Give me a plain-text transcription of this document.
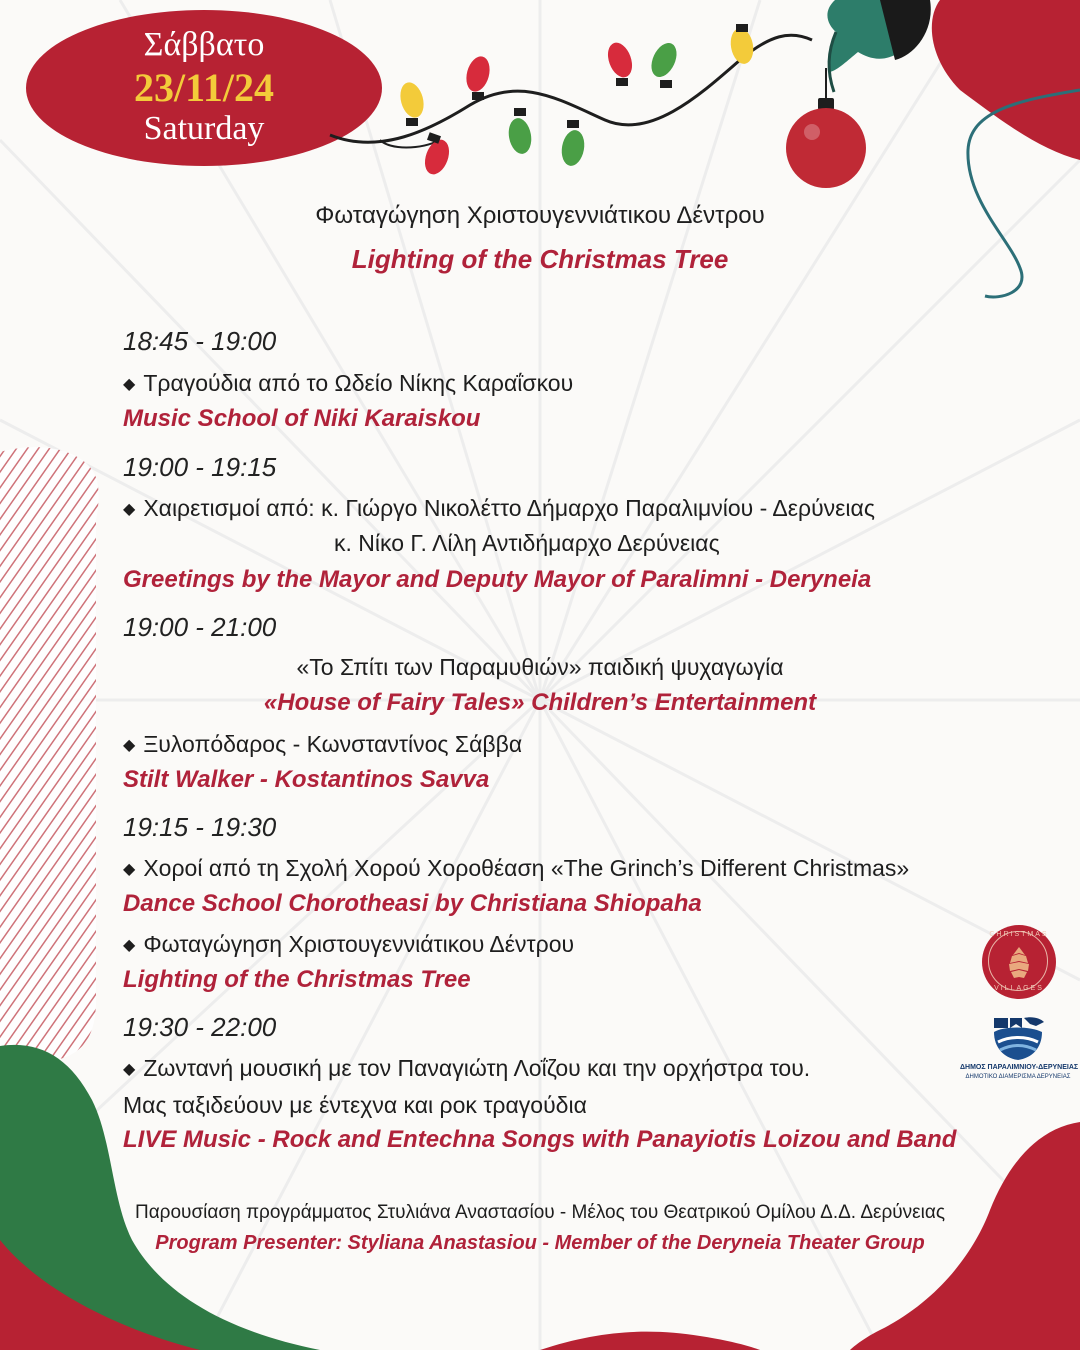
Σάββατο
23/11/24
Saturday
Φωταγώγηση Χριστουγεννιάτικου Δέντρου
Lighting of the Christmas Tree
18:45 - 19:00
◆ Τραγούδια από το Ωδείο Νίκης Καραΐσκου
Music School of Niki Karaiskou
19:00 - 19:15
◆ Χαιρετισμοί από: κ. Γιώργο Νικολέττο Δήμαρχο Παραλιμνίου - Δερύνειας
κ. Νίκο Γ. Λίλη Αντιδήμαρχο Δερύνειας
Greetings by the Mayor and Deputy Mayor of Paralimni - Deryneia
19:00 - 21:00
«Το Σπίτι των Παραμυθιών» παιδική ψυχαγωγία
«House of Fairy Tales» Children’s Entertainment
◆ Ξυλοπόδαρος - Κωνσταντίνος Σάββα
Stilt Walker - Kostantinos Savva
19:15 - 19:30
◆ Χοροί από τη Σχολή Χορού Χοροθέαση «The Grinch’s Different Christmas»
Dance School Chorotheasi by Christiana Shiopaha
◆ Φωταγώγηση Χριστουγεννιάτικου Δέντρου
Lighting of the Christmas Tree
19:30 - 22:00
◆ Ζωντανή μουσική με τον Παναγιώτη Λοΐζου και την ορχήστρα του.
Μας ταξιδεύουν με έντεχνα και ροκ τραγούδια
LIVE Music - Rock and Entechna Songs with Panayiotis Loizou and Band
Παρουσίαση προγράμματος Στυλιάνα Αναστασίου - Μέλος του Θεατρικού Ομίλου Δ.Δ. Δερύνειας
Program Presenter: Styliana Anastasiou - Member of the Deryneia Theater Group
CHRISTMAS
VILLAGES
ΔΗΜΟΣ ΠΑΡΑΛΙΜΝΙΟΥ-ΔΕΡΥΝΕΙΑΣ
ΔΗΜΟΤΙΚΟ ΔΙΑΜΕΡΙΣΜΑ ΔΕΡΥΝΕΙΑΣ
